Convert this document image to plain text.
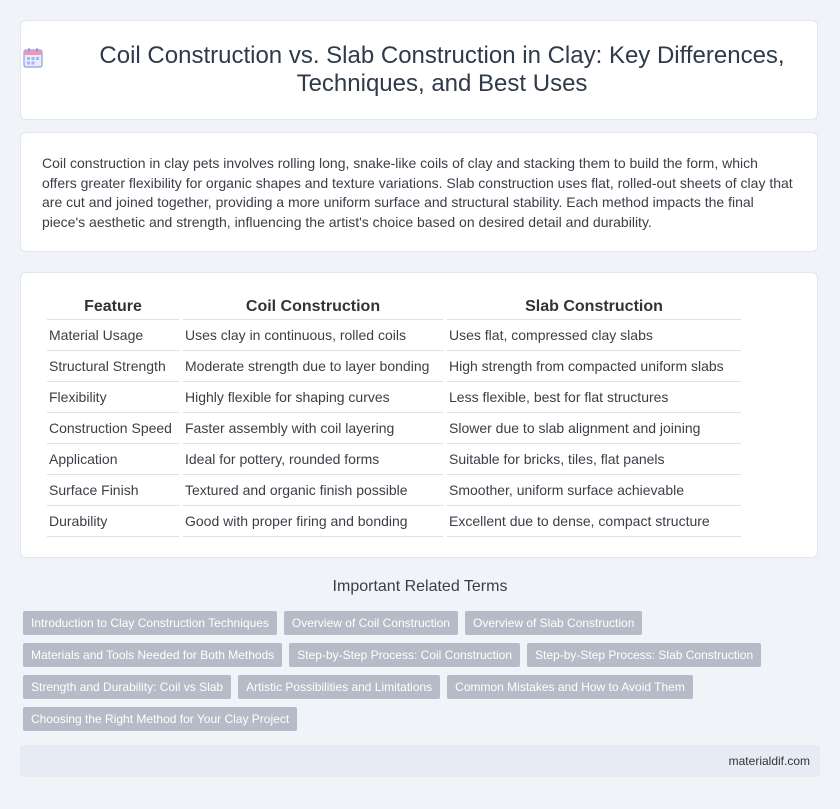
Coil Construction vs. Slab Construction in Clay: Key Differences, Techniques, and Best Uses

Coil construction in clay pets involves rolling long, snake-like coils of clay and stacking them to build the form, which offers greater flexibility for organic shapes and texture variations. Slab construction uses flat, rolled-out sheets of clay that are cut and joined together, providing a more uniform surface and structural stability. Each method impacts the final piece's aesthetic and strength, influencing the artist's choice based on desired detail and durability.

Feature	Coil Construction	Slab Construction
Material Usage	Uses clay in continuous, rolled coils	Uses flat, compressed clay slabs
Structural Strength	Moderate strength due to layer bonding	High strength from compacted uniform slabs
Flexibility	Highly flexible for shaping curves	Less flexible, best for flat structures
Construction Speed	Faster assembly with coil layering	Slower due to slab alignment and joining
Application	Ideal for pottery, rounded forms	Suitable for bricks, tiles, flat panels
Surface Finish	Textured and organic finish possible	Smoother, uniform surface achievable
Durability	Good with proper firing and bonding	Excellent due to dense, compact structure
Important Related Terms
Introduction to Clay Construction Techniques	Overview of Coil Construction	Overview of Slab Construction
Materials and Tools Needed for Both Methods	Step-by-Step Process: Coil Construction	Step-by-Step Process: Slab Construction
Strength and Durability: Coil vs Slab	Artistic Possibilities and Limitations	Common Mistakes and How to Avoid Them
Choosing the Right Method for Your Clay Project
materialdif.com
